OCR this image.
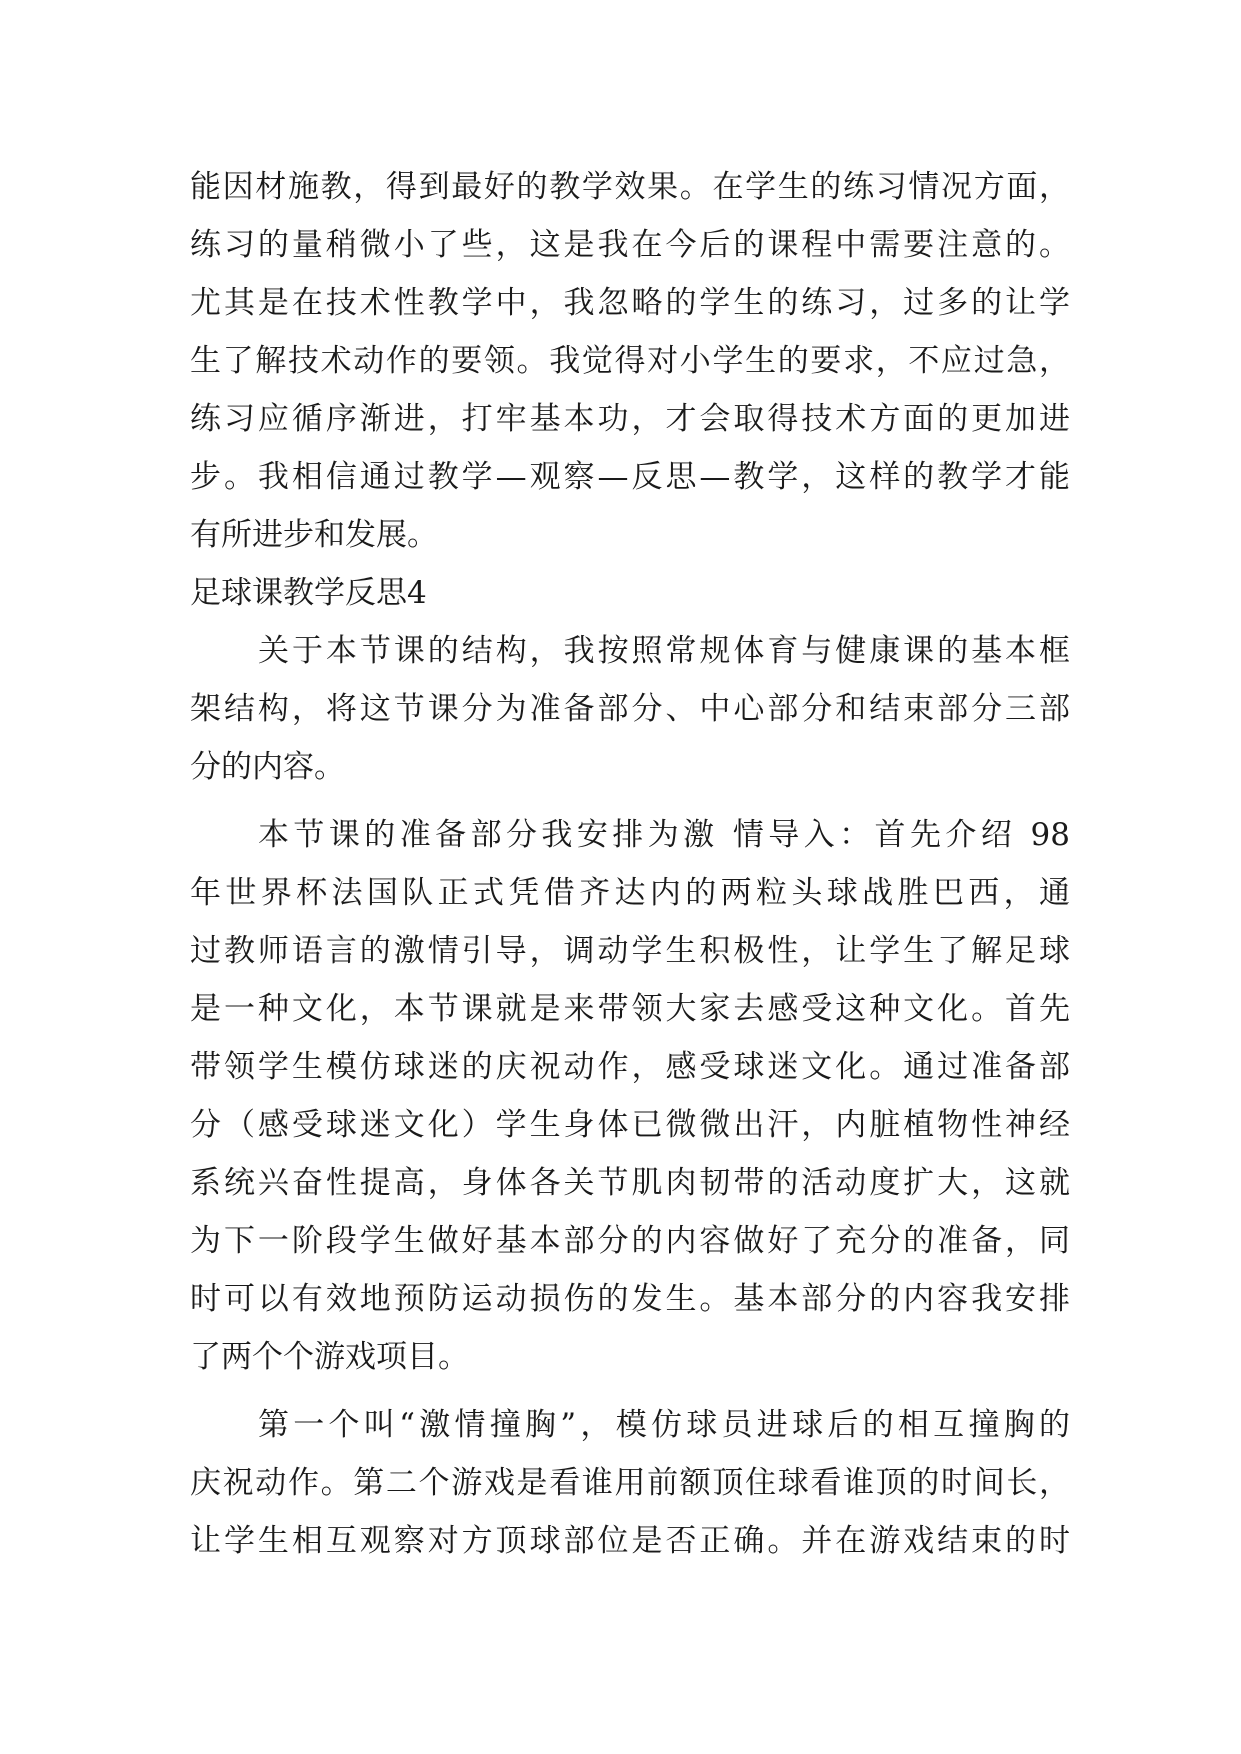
能因材施教，得到最好的教学效果。在学生的练习情况方面，
练习的量稍微小了些，这是我在今后的课程中需要注意的。
尤其是在技术性教学中，我忽略的学生的练习，过多的让学
生了解技术动作的要领。我觉得对小学生的要求，不应过急，
练习应循序渐进，打牢基本功，才会取得技术方面的更加进
步。我相信通过教学—观察—反思—教学，这样的教学才能
有所进步和发展。
足球课教学反思4
关于本节课的结构，我按照常规体育与健康课的基本框
架结构，将这节课分为准备部分、中心部分和结束部分三部
分的内容。
本节课的准备部分我安排为激 情导入：首先介绍 98
年世界杯法国队正式凭借齐达内的两粒头球战胜巴西，通
过教师语言的激情引导，调动学生积极性，让学生了解足球
是一种文化，本节课就是来带领大家去感受这种文化。首先
带领学生模仿球迷的庆祝动作，感受球迷文化。通过准备部
分（感受球迷文化）学生身体已微微出汗，内脏植物性神经
系统兴奋性提高，身体各关节肌肉韧带的活动度扩大，这就
为下一阶段学生做好基本部分的内容做好了充分的准备，同
时可以有效地预防运动损伤的发生。基本部分的内容我安排
了两个个游戏项目。
第一个叫“激情撞胸”，模仿球员进球后的相互撞胸的
庆祝动作。第二个游戏是看谁用前额顶住球看谁顶的时间长，
让学生相互观察对方顶球部位是否正确。并在游戏结束的时
